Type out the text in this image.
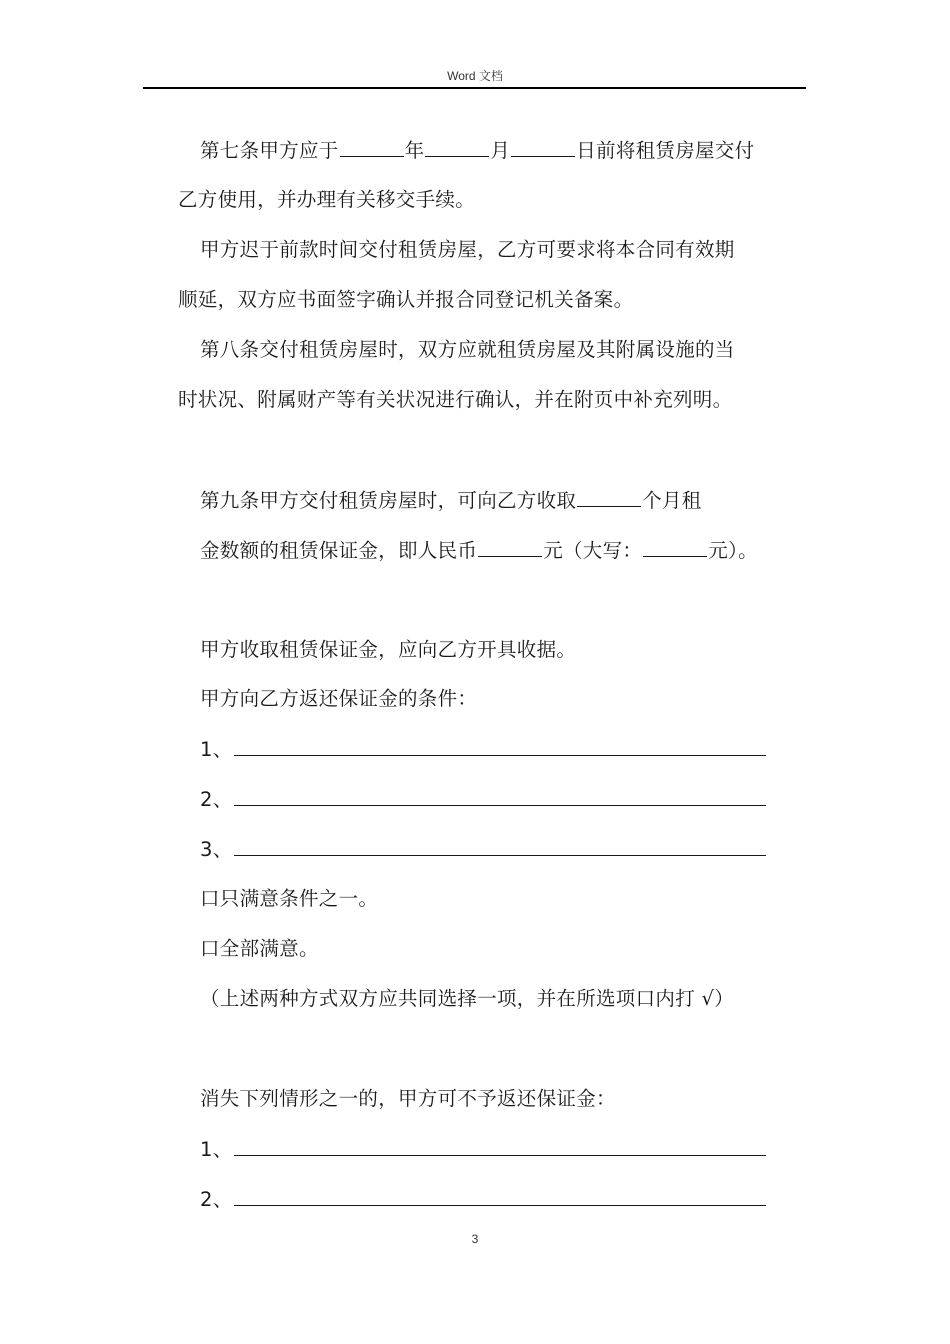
Word 文档
第七条甲方应于	年	月	日前将租赁房屋交付
乙方使用，并办理有关移交手续。
甲方迟于前款时间交付租赁房屋，乙方可要求将本合同有效期
顺延，双方应书面签字确认并报合同登记机关备案。
第八条交付租赁房屋时，双方应就租赁房屋及其附属设施的当
时状况、附属财产等有关状况进行确认，并在附页中补充列明。
第九条甲方交付租赁房屋时，可向乙方收取	个月租
金数额的租赁保证金，即人民币	元（大写：	元）。
甲方收取租赁保证金，应向乙方开具收据。
甲方向乙方返还保证金的条件：
1、
2、
3、
口只满意条件之一。
口全部满意。
（上述两种方式双方应共同选择一项，并在所选项口内打 √）
消失下列情形之一的，甲方可不予返还保证金：
1、
2、
3
